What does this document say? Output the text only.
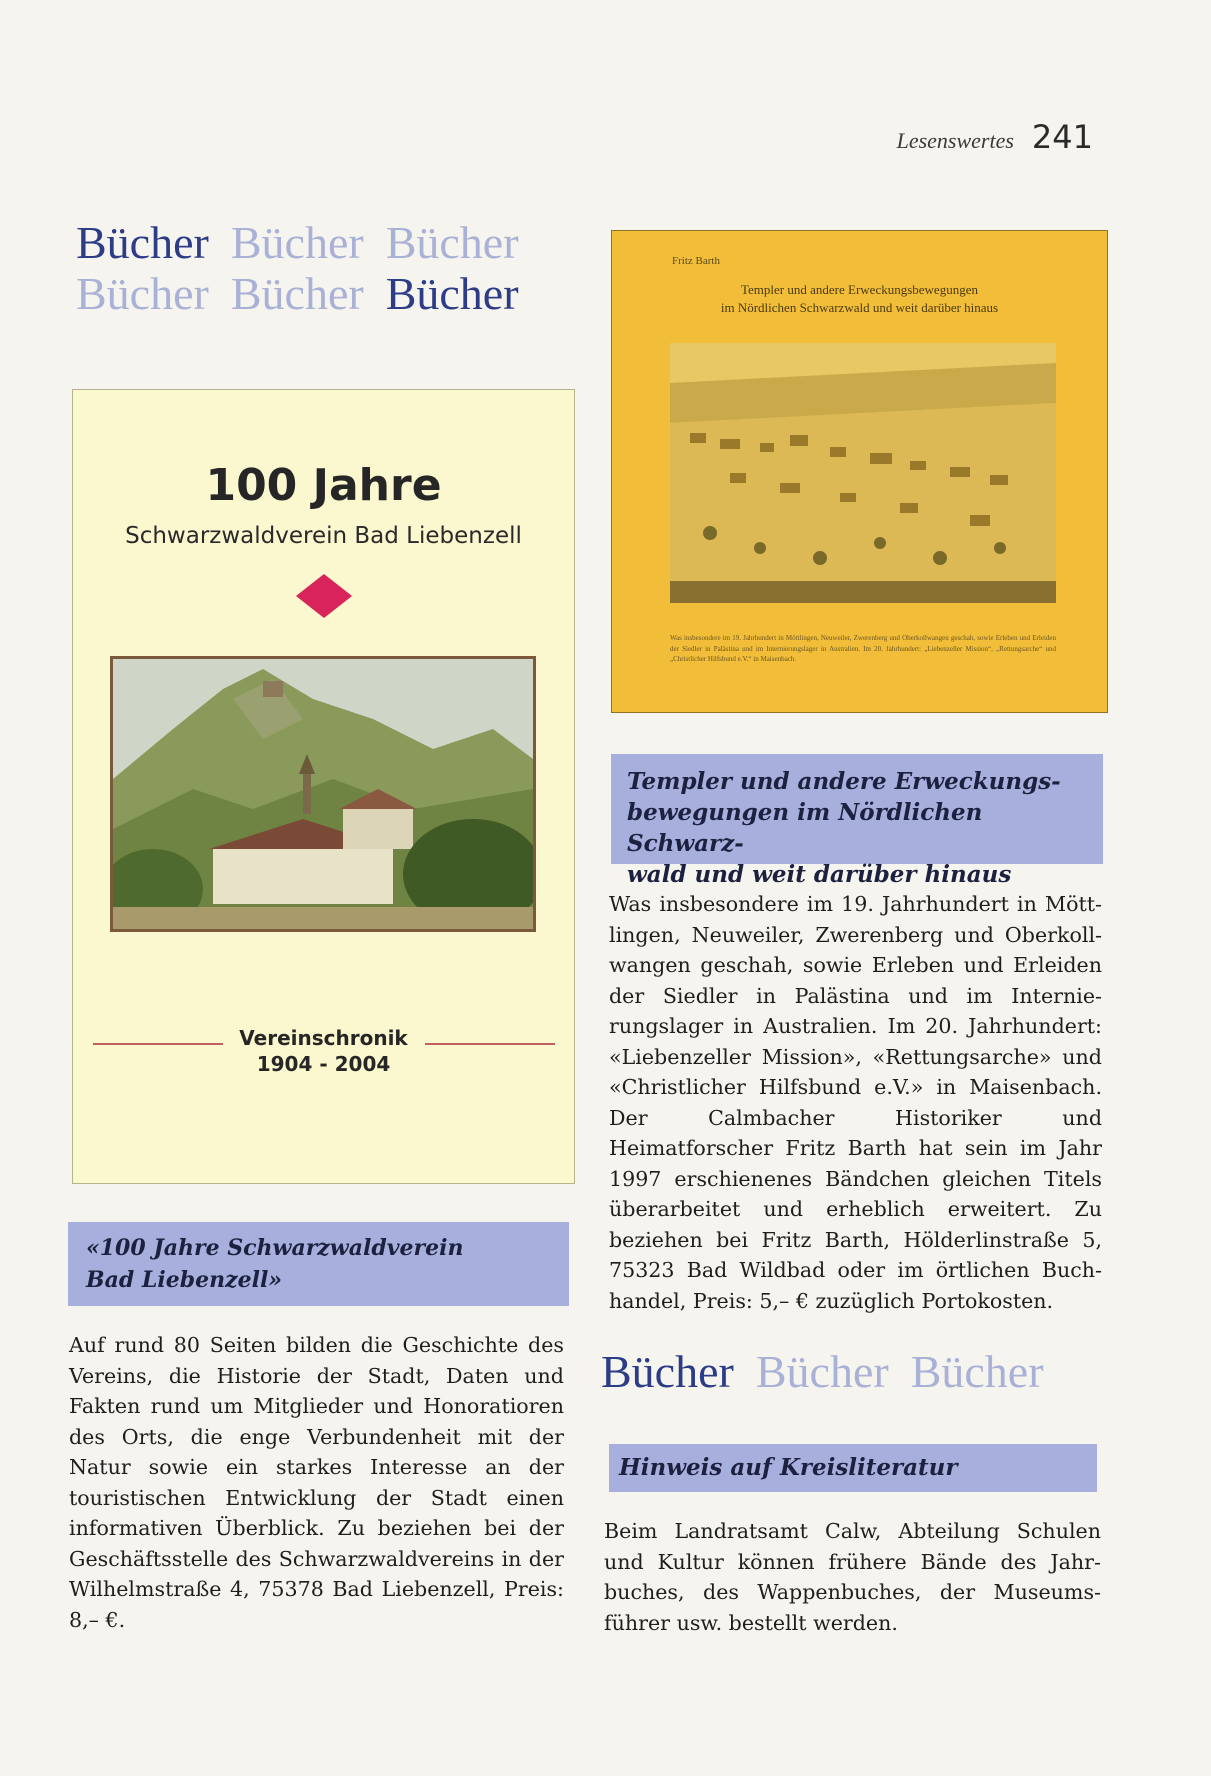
Lesenswertes 241
Bücher Bücher Bücher
Bücher Bücher Bücher
100 Jahre
Schwarzwaldverein Bad Liebenzell
Vereinschronik
1904 - 2004
Fritz Barth
Templer und andere Erweckungsbewegungen
im Nördlichen Schwarzwald und weit darüber hinaus
Was insbesondere im 19. Jahrhundert in Möttlingen, Neuweiler, Zwerenberg und Oberkollwangen geschah, sowie Erleben und Erleiden der Siedler in Palästina und im Internierungslager in Australien. Im 20. Jahrhundert: „Liebenzeller Mission“, „Rettungsarche“ und „Christlicher Hilfsbund e.V.“ in Maisenbach.
«100 Jahre Schwarzwaldverein
Bad Liebenzell»
Auf rund 80 Seiten bilden die Geschichte des Vereins, die Historie der Stadt, Daten und Fakten rund um Mitglieder und Honoratioren des Orts, die enge Verbundenheit mit der Natur sowie ein starkes Interesse an der touristischen Entwicklung der Stadt einen informativen Überblick. Zu beziehen bei der Geschäftsstelle des Schwarzwaldvereins in der Wilhelmstraße 4, 75378 Bad Liebenzell, Preis: 8,– €.
Templer und andere Erweckungs-
bewegungen im Nördlichen Schwarz-
wald und weit darüber hinaus
Was insbesondere im 19. Jahrhundert in Möttlingen, Neuweiler, Zwerenberg und Oberkollwangen geschah, sowie Erleben und Erleiden der Siedler in Palästina und im Internierungslager in Australien. Im 20. Jahrhundert: «Liebenzeller Mission», «Rettungsarche» und «Christlicher Hilfsbund e.V.» in Maisenbach. Der Calmbacher Historiker und Heimatforscher Fritz Barth hat sein im Jahr 1997 erschienenes Bändchen gleichen Titels überarbeitet und erheblich erweitert. Zu beziehen bei Fritz Barth, Hölderlinstraße 5, 75323 Bad Wildbad oder im örtlichen Buchhandel, Preis: 5,– € zuzüglich Portokosten.
Bücher Bücher Bücher
Hinweis auf Kreisliteratur
Beim Landratsamt Calw, Abteilung Schulen und Kultur können frühere Bände des Jahrbuches, des Wappenbuches, der Museumsführer usw. bestellt werden.
